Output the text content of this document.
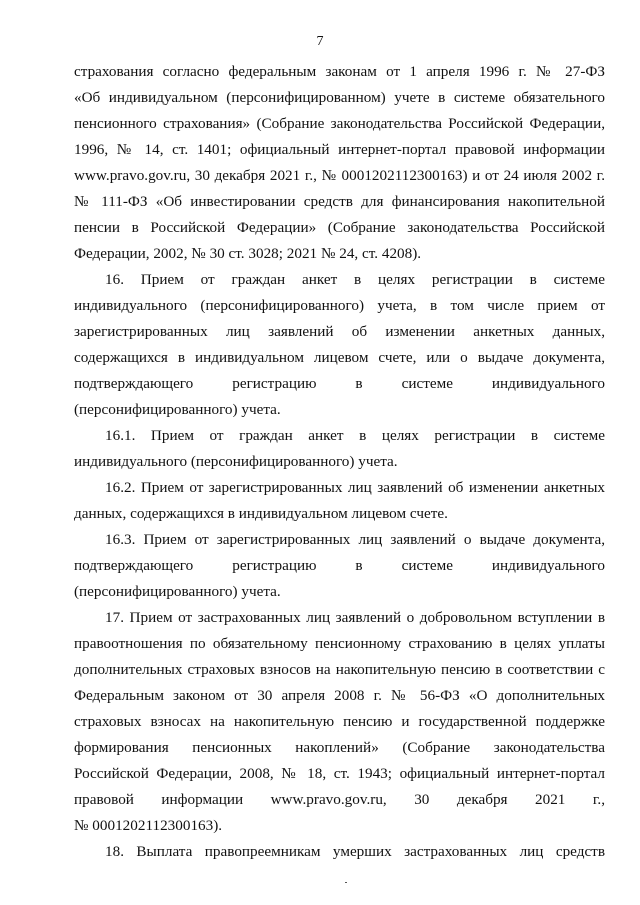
7
страхования согласно федеральным законам от 1 апреля 1996 г. № 27-ФЗ
«Об индивидуальном (персонифицированном) учете в системе обязательного
пенсионного страхования» (Собрание законодательства Российской Федерации,
1996, № 14, ст. 1401; официальный интернет-портал правовой информации
www.pravo.gov.ru, 30 декабря 2021 г., № 0001202112300163) и от 24 июля 2002 г.
№ 111-ФЗ «Об инвестировании средств для финансирования накопительной
пенсии в Российской Федерации» (Собрание законодательства Российской
Федерации, 2002, № 30 ст. 3028; 2021 № 24, ст. 4208).
16. Прием от граждан анкет в целях регистрации в системе
индивидуального (персонифицированного) учета, в том числе прием от
зарегистрированных лиц заявлений об изменении анкетных данных,
содержащихся в индивидуальном лицевом счете, или о выдаче документа,
подтверждающего регистрацию в системе индивидуального
(персонифицированного) учета.
16.1. Прием от граждан анкет в целях регистрации в системе
индивидуального (персонифицированного) учета.
16.2. Прием от зарегистрированных лиц заявлений об изменении анкетных
данных, содержащихся в индивидуальном лицевом счете.
16.3. Прием от зарегистрированных лиц заявлений о выдаче документа,
подтверждающего регистрацию в системе индивидуального
(персонифицированного) учета.
17. Прием от застрахованных лиц заявлений о добровольном вступлении в
правоотношения по обязательному пенсионному страхованию в целях уплаты
дополнительных страховых взносов на накопительную пенсию в соответствии с
Федеральным законом от 30 апреля 2008 г. № 56-ФЗ «О дополнительных
страховых взносах на накопительную пенсию и государственной поддержке
формирования пенсионных накоплений» (Собрание законодательства
Российской Федерации, 2008, № 18, ст. 1943; официальный интернет-портал
правовой информации www.pravo.gov.ru, 30 декабря 2021 г.,
№ 0001202112300163).
18. Выплата правопреемникам умерших застрахованных лиц средств
